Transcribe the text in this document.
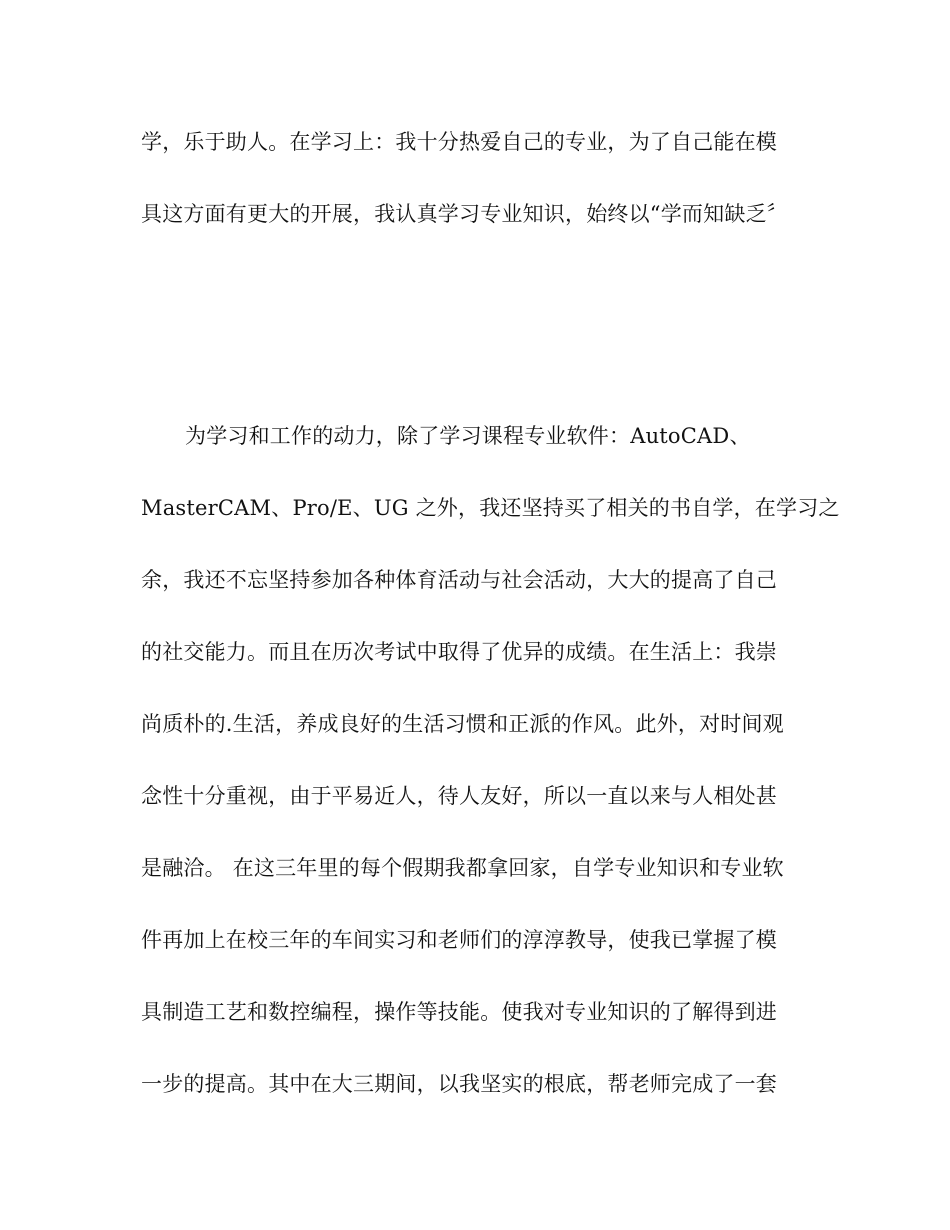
学，乐于助人。在学习上：我十分热爱自己的专业，为了自己能在模
具这方面有更大的开展，我认真学习专业知识，始终以“学而知缺乏〞
为学习和工作的动力，除了学习课程专业软件：AutoCAD、
MasterCAM、Pro/E、UG 之外，我还坚持买了相关的书自学，在学习之
余，我还不忘坚持参加各种体育活动与社会活动，大大的提高了自己
的社交能力。而且在历次考试中取得了优异的成绩。在生活上：我崇
尚质朴的.生活，养成良好的生活习惯和正派的作风。此外，对时间观
念性十分重视，由于平易近人，待人友好，所以一直以来与人相处甚
是融洽。 在这三年里的每个假期我都拿回家，自学专业知识和专业软
件再加上在校三年的车间实习和老师们的淳淳教导，使我已掌握了模
具制造工艺和数控编程，操作等技能。使我对专业知识的了解得到进
一步的提高。其中在大三期间，以我坚实的根底，帮老师完成了一套
